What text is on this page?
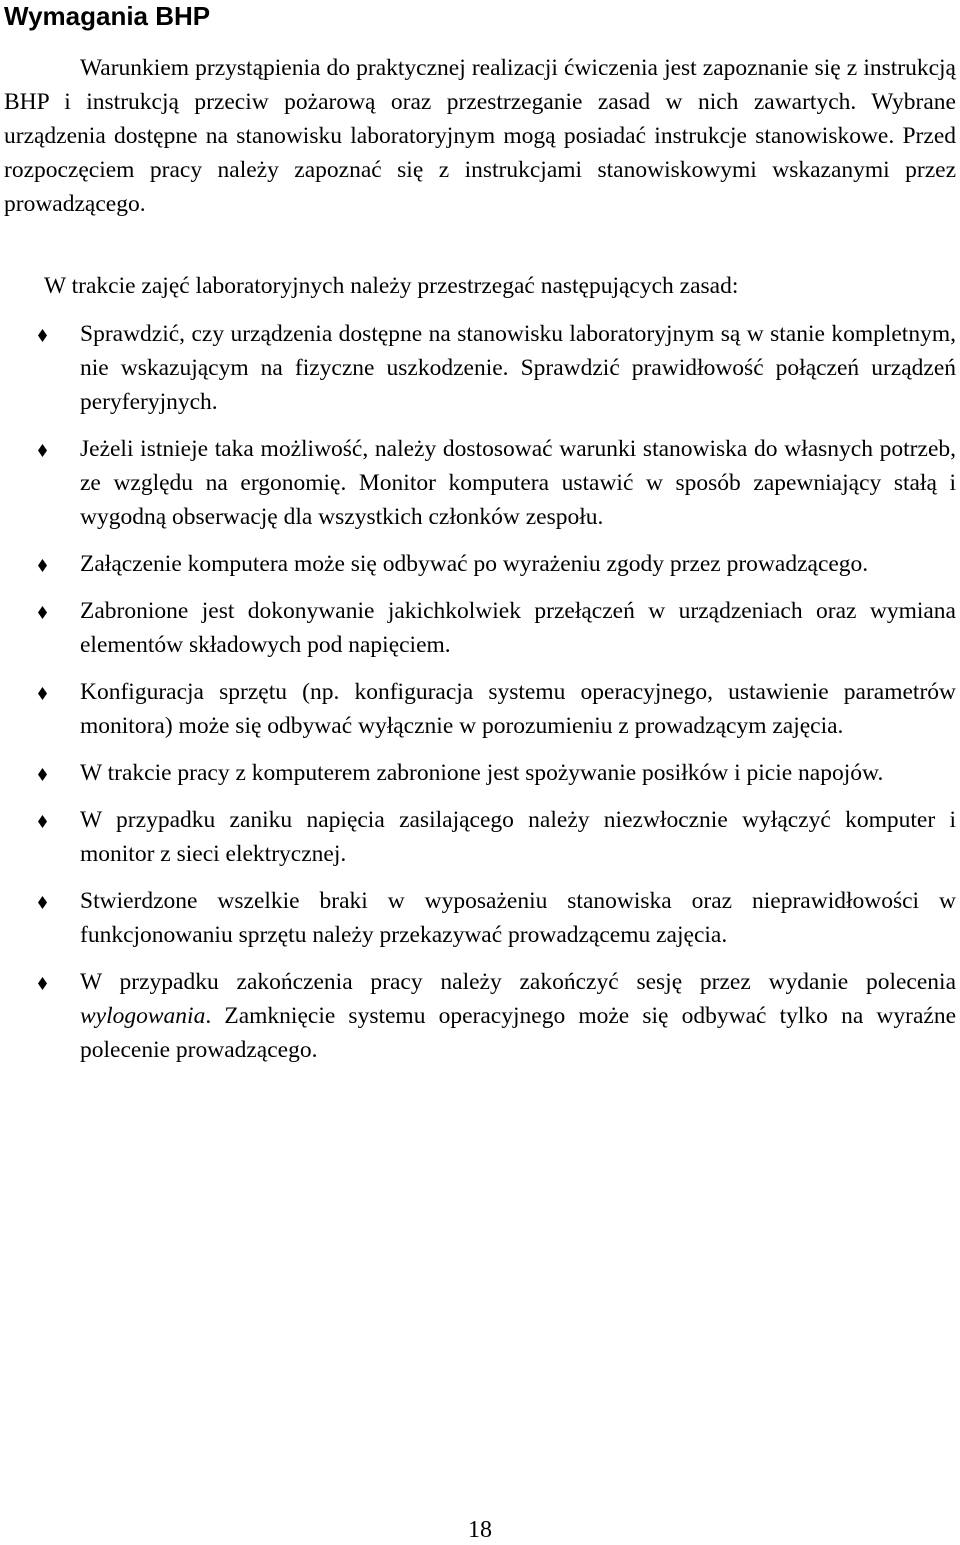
Wymagania BHP

Warunkiem przystąpienia do praktycznej realizacji ćwiczenia jest zapoznanie się z instrukcją BHP i instrukcją przeciw pożarową oraz przestrzeganie zasad w nich zawartych. Wybrane urządzenia dostępne na stanowisku laboratoryjnym mogą posiadać instrukcje stanowiskowe. Przed rozpoczęciem pracy należy zapoznać się z instrukcjami stanowiskowymi wskazanymi przez prowadzącego.

W trakcie zajęć laboratoryjnych należy przestrzegać następujących zasad:

Sprawdzić, czy urządzenia dostępne na stanowisku laboratoryjnym są w stanie kompletnym, nie wskazującym na fizyczne uszkodzenie. Sprawdzić prawidłowość połączeń urządzeń peryferyjnych.
Jeżeli istnieje taka możliwość, należy dostosować warunki stanowiska do własnych potrzeb, ze względu na ergonomię. Monitor komputera ustawić w sposób zapewniający stałą i wygodną obserwację dla wszystkich członków zespołu.
Załączenie komputera może się odbywać po wyrażeniu zgody przez prowadzącego.
Zabronione jest dokonywanie jakichkolwiek przełączeń w urządzeniach oraz wymiana elementów składowych pod napięciem.
Konfiguracja sprzętu (np. konfiguracja systemu operacyjnego, ustawienie parametrów monitora) może się odbywać wyłącznie w porozumieniu z prowadzącym zajęcia.
W trakcie pracy z komputerem zabronione jest spożywanie posiłków i picie napojów.
W przypadku zaniku napięcia zasilającego należy niezwłocznie wyłączyć komputer i monitor z sieci elektrycznej.
Stwierdzone wszelkie braki w wyposażeniu stanowiska oraz nieprawidłowości w funkcjonowaniu sprzętu należy przekazywać prowadzącemu zajęcia.
W przypadku zakończenia pracy należy zakończyć sesję przez wydanie polecenia wylogowania. Zamknięcie systemu operacyjnego może się odbywać tylko na wyraźne polecenie prowadzącego.
18
